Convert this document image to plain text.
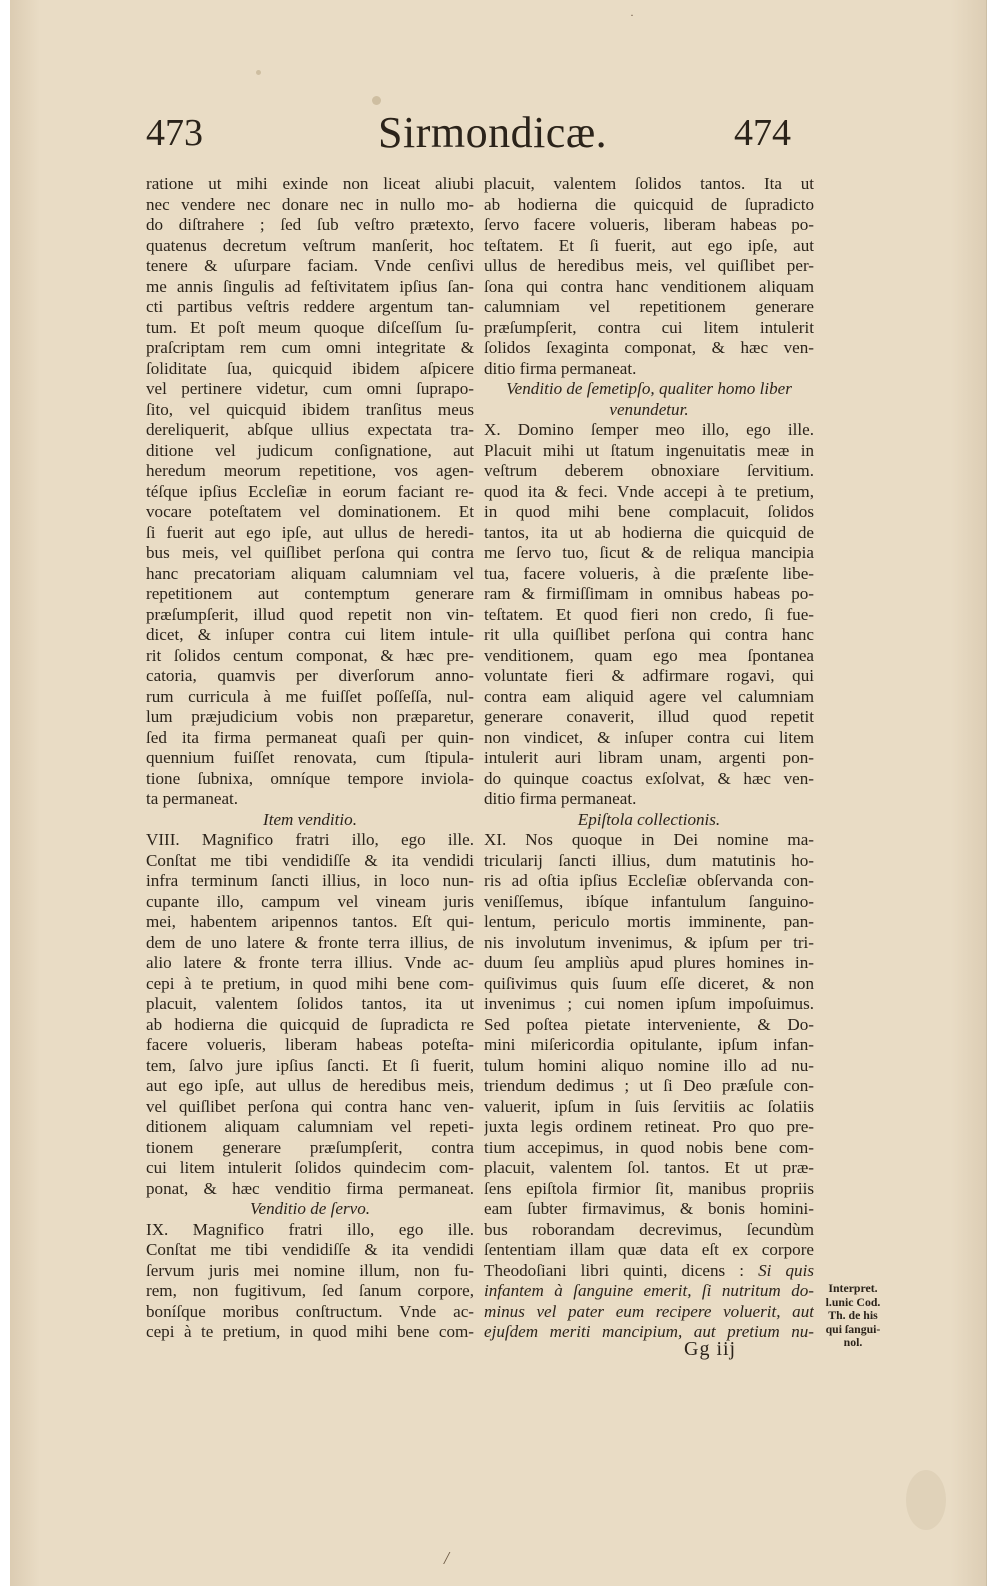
473	Sirmondicæ.	474
ratione ut mihi exinde non liceat aliubi
nec vendere nec donare nec in nullo mo-
do diſtrahere ; ſed ſub veſtro prætexto,
quatenus decretum veſtrum manſerit, hoc
tenere & uſurpare faciam. Vnde cenſivi
me annis ſingulis ad feſtivitatem ipſius ſan-
cti partibus veſtris reddere argentum tan-
tum. Et poſt meum quoque diſceſſum ſu-
praſcriptam rem cum omni integritate &
ſoliditate ſua, quicquid ibidem aſpicere
vel pertinere videtur, cum omni ſuprapo-
ſito, vel quicquid ibidem tranſitus meus
dereliquerit, abſque ullius expectata tra-
ditione vel judicum conſignatione, aut
heredum meorum repetitione, vos agen-
téſque ipſius Eccleſiæ in eorum faciant re-
vocare poteſtatem vel dominationem. Et
ſi fuerit aut ego ipſe, aut ullus de heredi-
bus meis, vel quiſlibet perſona qui contra
hanc precatoriam aliquam calumniam vel
repetitionem aut contemptum generare
præſumpſerit, illud quod repetit non vin-
dicet, & inſuper contra cui litem intule-
rit ſolidos centum componat, & hæc pre-
catoria, quamvis per diverſorum anno-
rum curricula à me fuiſſet poſſeſſa, nul-
lum præjudicium vobis non præparetur,
ſed ita firma permaneat quaſi per quin-
quennium fuiſſet renovata, cum ſtipula-
tione ſubnixa, omníque tempore inviola-
ta permaneat.
Item venditio.
VIII. Magnifico fratri illo, ego ille.
Conſtat me tibi vendidiſſe & ita vendidi
infra terminum ſancti illius, in loco nun-
cupante illo, campum vel vineam juris
mei, habentem aripennos tantos. Eſt qui-
dem de uno latere & fronte terra illius, de
alio latere & fronte terra illius. Vnde ac-
cepi à te pretium, in quod mihi bene com-
placuit, valentem ſolidos tantos, ita ut
ab hodierna die quicquid de ſupradicta re
facere volueris, liberam habeas poteſta-
tem, ſalvo jure ipſius ſancti. Et ſi fuerit,
aut ego ipſe, aut ullus de heredibus meis,
vel quiſlibet perſona qui contra hanc ven-
ditionem aliquam calumniam vel repeti-
tionem generare præſumpſerit, contra
cui litem intulerit ſolidos quindecim com-
ponat, & hæc venditio firma permaneat.
Venditio de ſervo.
IX. Magnifico fratri illo, ego ille.
Conſtat me tibi vendidiſſe & ita vendidi
ſervum juris mei nomine illum, non fu-
rem, non fugitivum, ſed ſanum corpore,
boníſque moribus conſtructum. Vnde ac-
cepi à te pretium, in quod mihi bene com-
placuit, valentem ſolidos tantos. Ita ut
ab hodierna die quicquid de ſupradicto
ſervo facere volueris, liberam habeas po-
teſtatem. Et ſi fuerit, aut ego ipſe, aut
ullus de heredibus meis, vel quiſlibet per-
ſona qui contra hanc venditionem aliquam
calumniam vel repetitionem generare
præſumpſerit, contra cui litem intulerit
ſolidos ſexaginta componat, & hæc ven-
ditio firma permaneat.
Venditio de ſemetipſo, qualiter homo liber
venundetur.
X. Domino ſemper meo illo, ego ille.
Placuit mihi ut ſtatum ingenuitatis meæ in
veſtrum deberem obnoxiare ſervitium.
quod ita & feci. Vnde accepi à te pretium,
in quod mihi bene complacuit, ſolidos
tantos, ita ut ab hodierna die quicquid de
me ſervo tuo, ſicut & de reliqua mancipia
tua, facere volueris, à die præſente libe-
ram & firmiſſimam in omnibus habeas po-
teſtatem. Et quod fieri non credo, ſi fue-
rit ulla quiſlibet perſona qui contra hanc
venditionem, quam ego mea ſpontanea
voluntate fieri & adfirmare rogavi, qui
contra eam aliquid agere vel calumniam
generare conaverit, illud quod repetit
non vindicet, & inſuper contra cui litem
intulerit auri libram unam, argenti pon-
do quinque coactus exſolvat, & hæc ven-
ditio firma permaneat.
Epiſtola collectionis.
XI. Nos quoque in Dei nomine ma-
tricularij ſancti illius, dum matutinis ho-
ris ad oſtia ipſius Eccleſiæ obſervanda con-
veniſſemus, ibíque infantulum ſanguino-
lentum, periculo mortis imminente, pan-
nis involutum invenimus, & ipſum per tri-
duum ſeu ampliùs apud plures homines in-
quiſivimus quis ſuum eſſe diceret, & non
invenimus ; cui nomen ipſum impoſuimus.
Sed poſtea pietate interveniente, & Do-
mini miſericordia opitulante, ipſum infan-
tulum homini aliquo nomine illo ad nu-
triendum dedimus ; ut ſi Deo præſule con-
valuerit, ipſum in ſuis ſervitiis ac ſolatiis
juxta legis ordinem retineat. Pro quo pre-
tium accepimus, in quod nobis bene com-
placuit, valentem ſol. tantos. Et ut præ-
ſens epiſtola firmior ſit, manibus propriis
eam ſubter firmavimus, & bonis homini-
bus roborandam decrevimus, ſecundùm
ſententiam illam quæ data eſt ex corpore
Theodoſiani libri quinti, dicens : Si quis
infantem à ſanguine emerit, ſi nutritum do-
minus vel pater eum recipere voluerit, aut
ejuſdem meriti mancipium, aut pretium nu-
Interpret.
l.unic Cod.
Th. de his
qui ſangui-
nol.
Gg iij
·
/
